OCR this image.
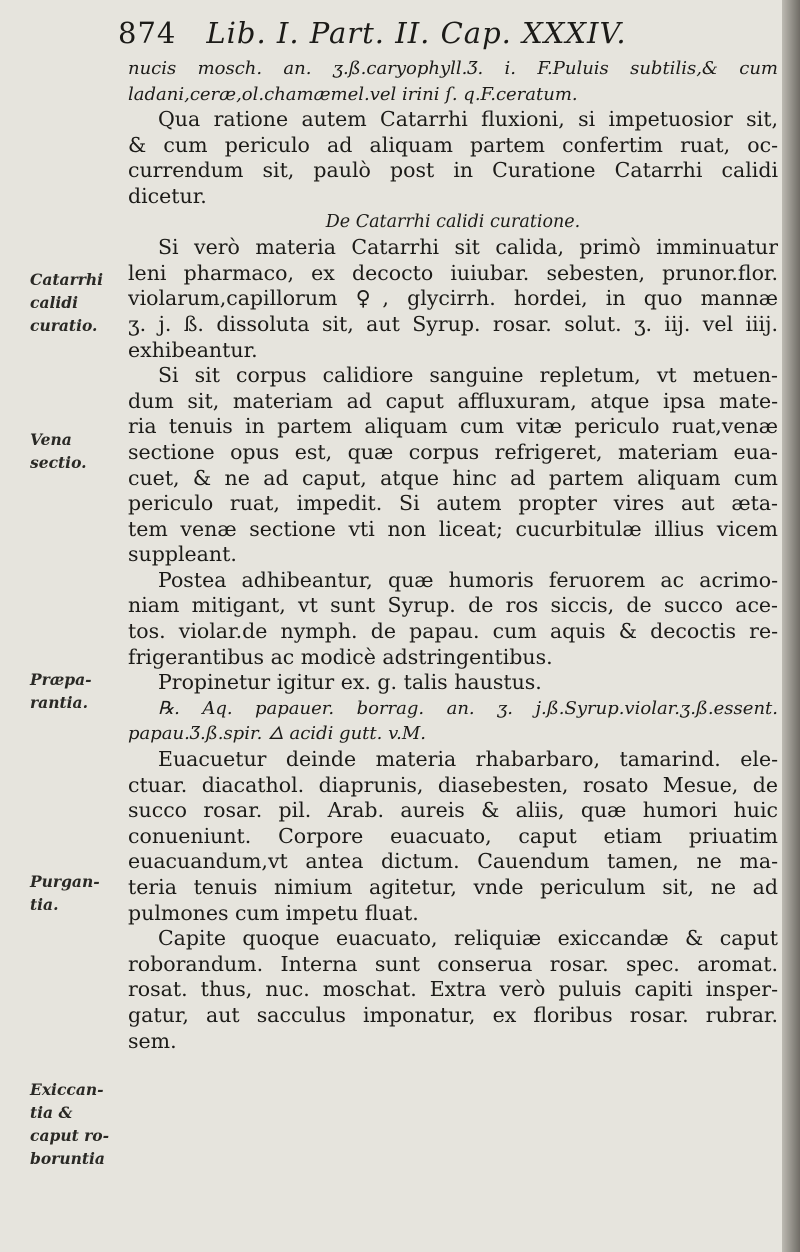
874 Lib. I. Part. II. Cap. XXXIV.
nucis mosch. an. ʒ.ß.caryophyll.Ʒ. i. F.Puluis subtilis,& cum
ladani,ceræ,ol.chamæmel.vel irini ſ. q.F.ceratum.
Qua ratione autem Catarrhi fluxioni, si impetuosior sit,
& cum periculo ad aliquam partem confertim ruat, oc-
currendum sit, paulò post in Curatione Catarrhi calidi
dicetur.
De Catarrhi calidi curatione.
Si verò materia Catarrhi sit calida, primò imminuatur
leni pharmaco, ex decocto iuiubar. sebesten, prunor.flor.
violarum,capillorum ♀, glycirrh. hordei, in quo mannæ
ʒ. j. ß. dissoluta sit, aut Syrup. rosar. solut. ʒ. iij. vel iiij.
exhibeantur.
Si sit corpus calidiore sanguine repletum, vt metuen-
dum sit, materiam ad caput affluxuram, atque ipsa mate-
ria tenuis in partem aliquam cum vitæ periculo ruat,venæ
sectione opus est, quæ corpus refrigeret, materiam eua-
cuet, & ne ad caput, atque hinc ad partem aliquam cum
periculo ruat, impedit. Si autem propter vires aut æta-
tem venæ sectione vti non liceat; cucurbitulæ illius vicem
suppleant.
Postea adhibeantur, quæ humoris feruorem ac acrimo-
niam mitigant, vt sunt Syrup. de ros siccis, de succo ace-
tos. violar.de nymph. de papau. cum aquis & decoctis re-
frigerantibus ac modicè adstringentibus.
Propinetur igitur ex. g. talis haustus.
℞. Aq. papauer. borrag. an. ʒ. j.ß.Syrup.violar.ʒ.ß.essent.
papau.Ʒ.ß.spir. 🜂 acidi gutt. v.M.
Euacuetur deinde materia rhabarbaro, tamarind. ele-
ctuar. diacathol. diaprunis, diasebesten, rosato Mesue, de
succo rosar. pil. Arab. aureis & aliis, quæ humori huic
conueniunt. Corpore euacuato, caput etiam priuatim
euacuandum,vt antea dictum. Cauendum tamen, ne ma-
teria tenuis nimium agitetur, vnde periculum sit, ne ad
pulmones cum impetu fluat.
Capite quoque euacuato, reliquiæ exiccandæ & caput
roborandum. Interna sunt conserua rosar. spec. aromat.
rosat. thus, nuc. moschat. Extra verò puluis capiti insper-
gatur, aut sacculus imponatur, ex floribus rosar. rubrar.
sem.
Catarrhi
calidi
curatio.
Vena
sectio.
Præpa-
rantia.
Purgan-
tia.
Exiccan-
tia &
caput ro-
boruntia
